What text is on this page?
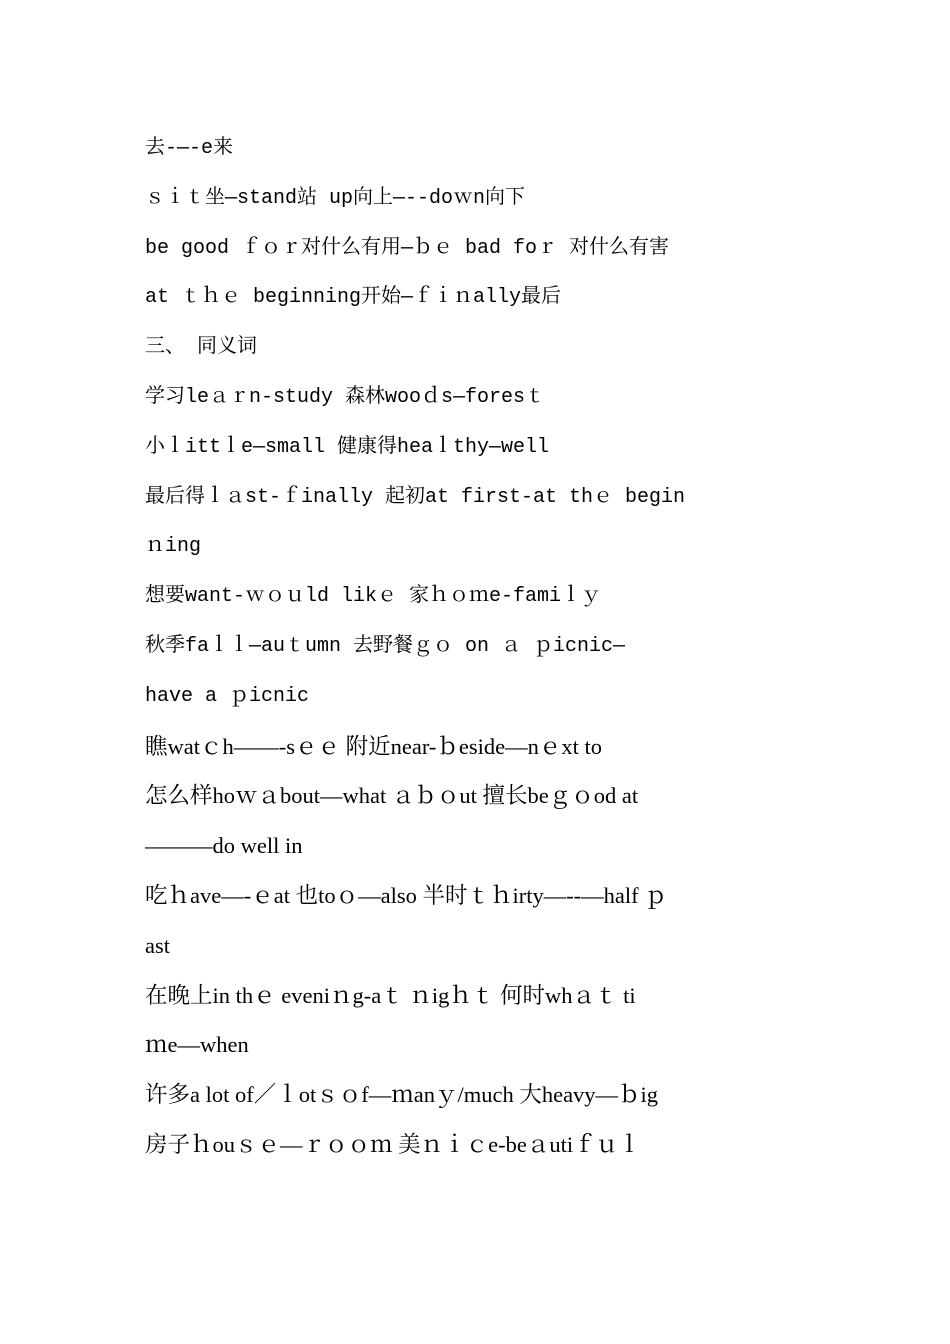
去-—-e来
ｓｉｔ坐—stand站 up向上—--doｗn向下
be good ｆｏｒ对什么有用—ｂｅ bad foｒ 对什么有害
at ｔｈｅ beginning开始—ｆｉｎally最后
三、 同义词
学习leａｒn-study 森林wooｄs—foresｔ
小ｌittｌe—small 健康得heaｌthy—well
最后得ｌａst-ｆinally 起初at first-at thｅ begin
ｎing
想要want-ｗｏｕld likｅ 家ｈｏｍe-famiｌｙ
秋季faｌｌ—auｔumn 去野餐ｇｏ on ａ ｐicnic—
have a ｐicnic
瞧watｃh——-sｅｅ 附近near-ｂeside—nｅxt to
怎么样hoｗａbout—what ａｂｏut 擅长beｇｏod at
———do well in
吃ｈave—-ｅat 也toｏ—also 半时ｔｈirty—--—half ｐ
ast
在晚上in thｅ eveniｎg-aｔ ｎigｈｔ 何时whａｔ ti
ｍe—when
许多a lot of／ｌotｓｏf—ｍanｙ/much 大heavy—ｂig
房子ｈouｓｅ—ｒｏｏｍ 美ｎｉｃe-beａutiｆｕｌ
